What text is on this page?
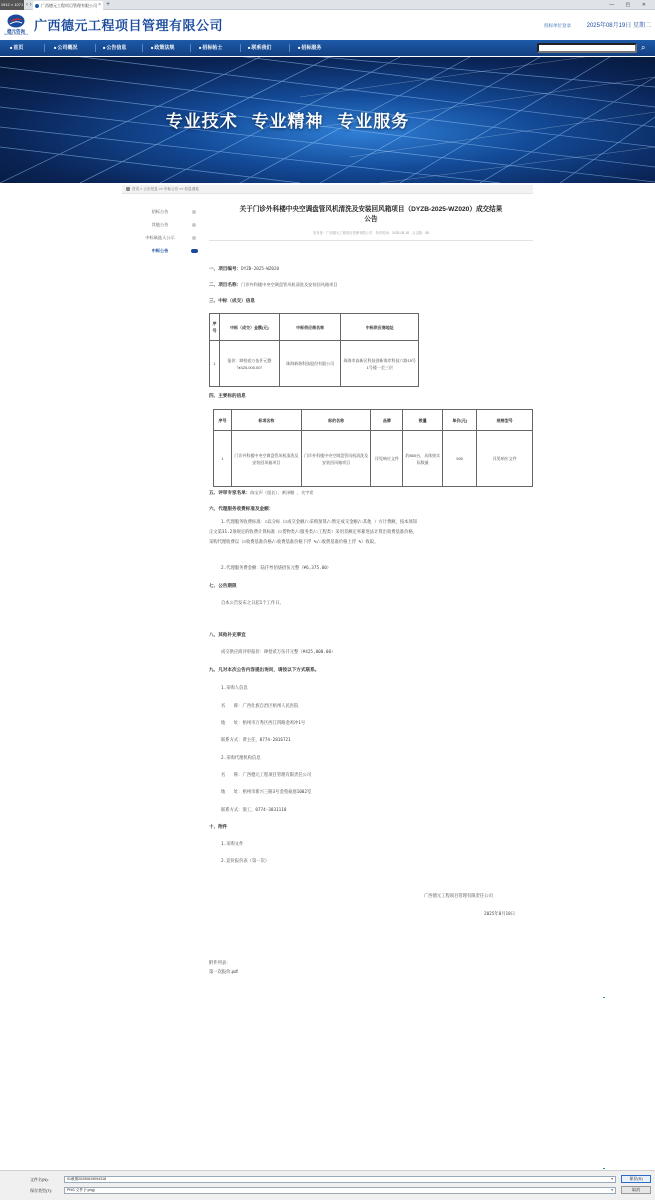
1912 × 1071 ‹ ›	广西德元工程项目管理有限公司 × +	— ◰ ✕
德元咨询
DEYUAN CONSULTING
广西德元工程项目管理有限公司	投标单位登录	2025年08月19日 星期二
■首页	■公司概况	■公告信息	■政策法规	■招标帖士	■联系我们	■招标服务	⌕
专业技术 专业精神 专业服务
首页 > 公告信息 >> 中标公告 >> 信息浏览
招标公告
其他公告
中标候选人公示
中标公告
关于门诊外科楼中央空调盘管风机清洗及安装回风箱项目（DYZB-2025-WZ020）成交结果
公告
发布者：广西德元工程项目管理有限公司　发布时间：2025-08-18　点击数：88
一、项目编号：DYZB-2025-WZ020
二、项目名称：门诊外科楼中央空调盘管风机清洗及安装回风箱项目
三、中标（成交）信息
序号	中标（成交）金额(元)	中标供应商名称	中标供应商地址
1	报价：肆拾贰万伍仟元整（¥425,000.00）	珠海新谐科技股份有限公司	珠海市高新区科技创新海岸科技六路15号1号楼一至三层
四、主要标的信息
序号	标项名称	标的名称	品牌	数量	单价(元)	规格型号
1	门诊外科楼中央空调盘管风机清洗及安装回风箱项目	门诊外科楼中央空调盘管风机清洗及安装回风箱项目	详见响应文件	约850台，具体按实际数量	500	详见响应文件
五、评审专家名单：陈宝声（组长）、黄泽继 、关宇希
六、代理服务收费标准及金额：
1.代理服务收费标准：☑以分标（☑成交金额/☐采购预算/☐暂定成交金额/☐其他 ）方计费额，按本须知
正文第31.2条规定的收费计算标准（☑货物类/☐服务类/☐工程类）采用差额定率累进法计算出收费基准价格，
采购代理收费以（☑收费基准价格/☐收费基准价格下浮 %/☐收费基准价格上浮 %）收取。
2.代理服务费金额：陆仟叁佰柒拾伍元整（¥6,375.00）
七、公告期限
自本公告发布之日起1个工作日。
八、其他补充事宜
成交供应商评审报价：肆拾贰万伍仟元整（¥425,000.00）
九、凡对本次公告内容提出询问，请按以下方式联系。
1.采购人信息
名　　称：广西壮族自治区梧州人民医院
地　　址：梧州市万秀区西江四路金鸡冲1号
联系方式：黄主任，0774-2816721
2.采购代理机构信息
名　　称：广西德元工程项目管理有限责任公司
地　　址：梧州市新兴三路3号金苑豪庭1002室
联系方式：梁工，0774-3831118
十、附件
1.采购文件
2.竞价报价表（第一次）
广西德元工程项目管理有限责任公司
2025年8月18日
附件列表：
第一次报价.pdf
文件名(N):	01截图20250819094318	▾
保存类型(T):	PNG 文件 (*.png)	▾
保存(S)
取消
